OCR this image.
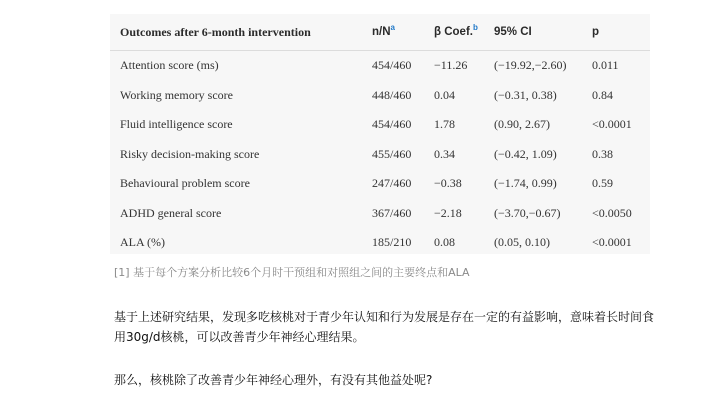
Outcomes after 6-month intervention	$n/N^a$	β Coef.$^b$	95% CI	p
Attention score (ms)	454/460	−11.26	(−19.92,−2.60)	0.011
Working memory score	448/460	0.04	(−0.31, 0.38)	0.84
Fluid intelligence score	454/460	1.78	(0.90, 2.67)	<0.0001
Risky decision-making score	455/460	0.34	(−0.42, 1.09)	0.38
Behavioural problem score	247/460	−0.38	(−1.74, 0.99)	0.59
ADHD general score	367/460	−2.18	(−3.70,−0.67)	<0.0050
ALA (%)	185/210	0.08	(0.05, 0.10)	<0.0001
[1] 基于每个方案分析比较6个月时干预组和对照组之间的主要终点和ALA
基于上述研究结果，发现多吃核桃对于青少年认知和行为发展是存在一定的有益影响，意味着长时间食用30g/d核桃，可以改善青少年神经心理结果。
那么，核桃除了改善青少年神经心理外，有没有其他益处呢?
